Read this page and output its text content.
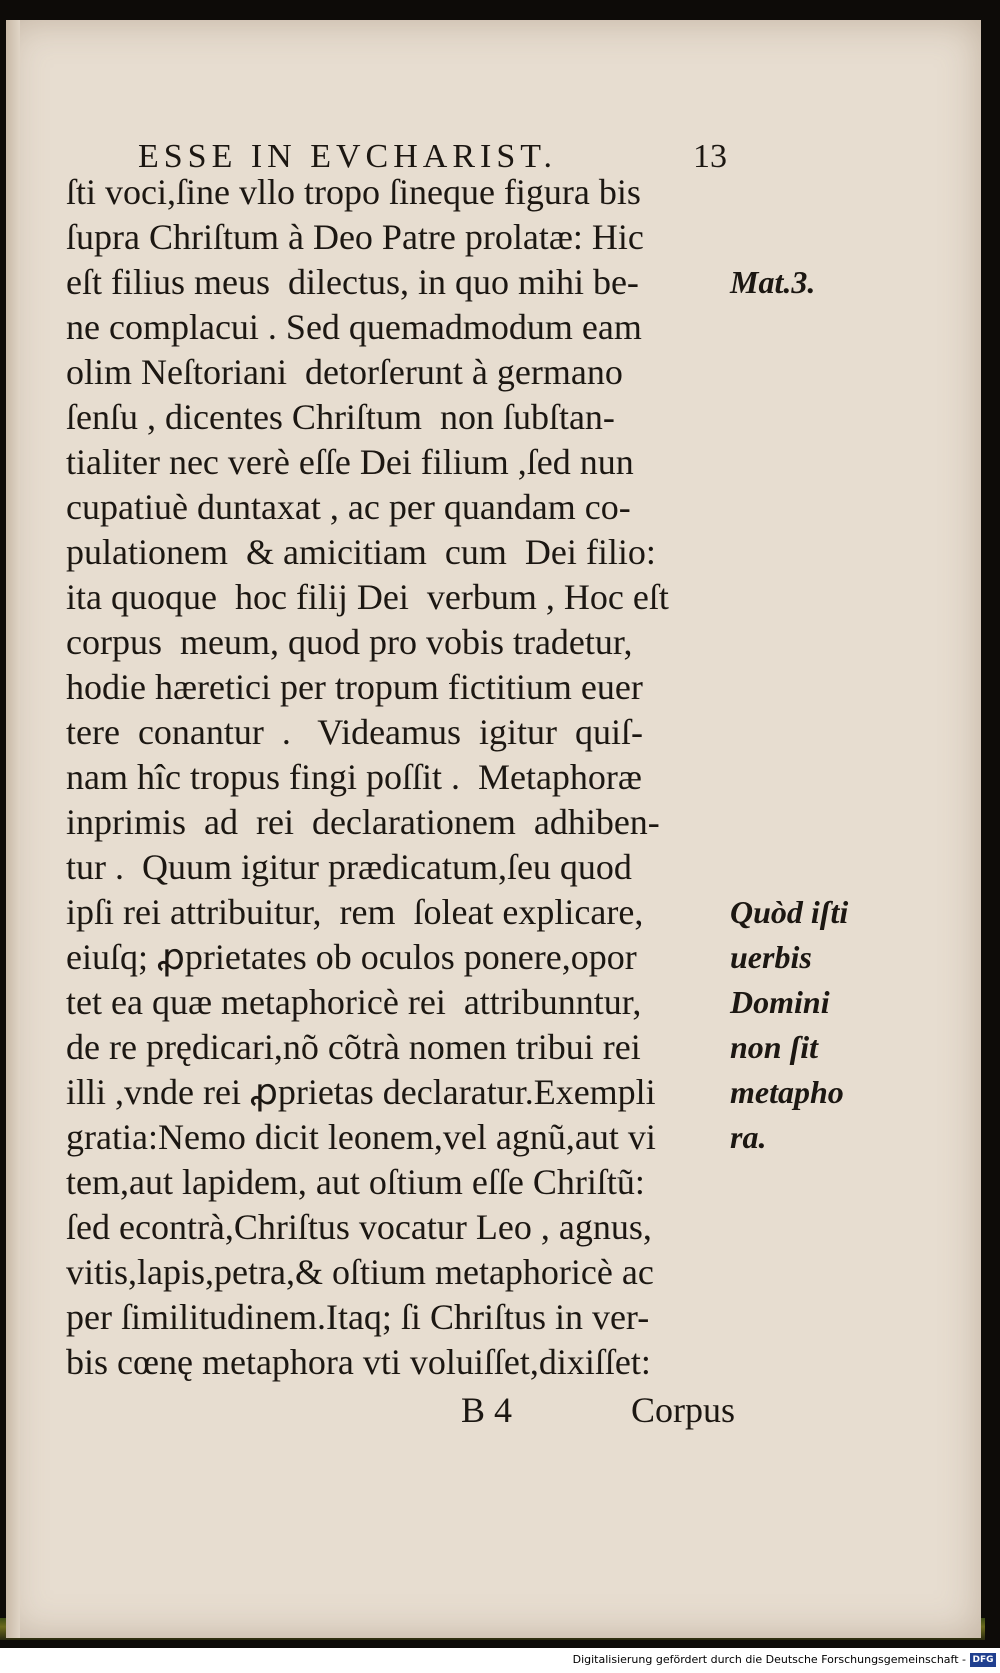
ESSE IN EVCHARIST.	13
ſti voci,ſine vllo tropo ſineque figura bis
ſupra Chriſtum à Deo Patre prolatæ: Hic
eſt filius meus  dilectus, in quo mihi be-	Mat.3.
ne complacui . Sed quemadmodum eam
olim Neſtoriani  detorſerunt à germano
ſenſu , dicentes Chriſtum  non ſubſtan-
tialiter nec verè eſſe Dei filium ,ſed nun
cupatiuè duntaxat , ac per quandam co-
pulationem  & amicitiam  cum  Dei filio:
ita quoque  hoc filij Dei  verbum , Hoc eſt
corpus  meum, quod pro vobis tradetur,
hodie hæretici per tropum fictitium euer
tere  conantur  .   Videamus  igitur  quiſ-
nam hîc tropus fingi poſſit .  Metaphoræ
inprimis  ad  rei  declarationem  adhiben-
tur .  Quum igitur prædicatum,ſeu quod
ipſi rei attribuitur,  rem  ſoleat explicare,	Quòd iſti
eiuſq; ꝓprietates ob oculos ponere,opor	uerbis
tet ea quæ metaphoricè rei  attribunntur,	Domini
de re prędicari,nõ cõtrà nomen tribui rei	non ſit
illi ,vnde rei ꝓprietas declaratur.Exempli metapho
gratia:Nemo dicit leonem,vel agnũ,aut vi ra.
tem,aut lapidem, aut oſtium eſſe Chriſtũ:
ſed econtrà,Chriſtus vocatur Leo , agnus,
vitis,lapis,petra,& oſtium metaphoricè ac
per ſimilitudinem.Itaq; ſi Chriſtus in ver-
bis cœnę metaphora vti voluiſſet,dixiſſet:
B 4	Corpus
Digitalisierung gefördert durch die Deutsche Forschungsgemeinschaft - DFG
